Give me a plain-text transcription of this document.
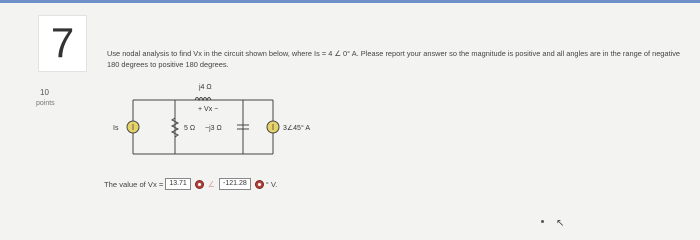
7
10
points
Use nodal analysis to find Vx in the circuit shown below, where Is = 4 ∠ 0° A. Please report your answer so the magnitude is positive and all angles are in the range of negative 180 degrees to positive 180 degrees.
Is	5 Ω −j3 Ω	3∠45° A
j4 Ω
+ Vx −
The value of Vx = 13.71	∠	-121.28	° V.
↖
